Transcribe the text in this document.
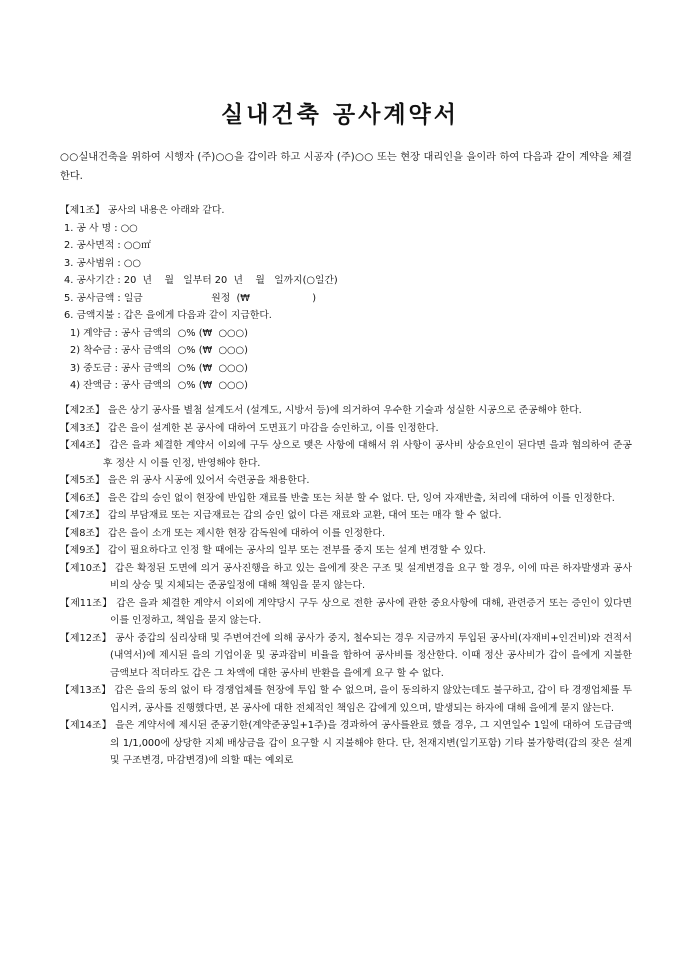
실내건축 공사계약서

○○실내건축을 위하여 시행자 (주)○○을 갑이라 하고 시공자 (주)○○ 또는 현장 대리인을 을이라 하여 다음과 같이 계약을 체결한다.

【제1조】 공사의 내용은 아래와 같다.
1. 공 사 명 : ○○
2. 공사면적 : ○○㎡
3. 공사범위 : ○○
4. 공사기간 : 20  년    월   일부터 20  년    월   일까지(○일간)
5. 공사금액 : 일금                      원정  (₩                    )
6. 금액지불 : 갑은 을에게 다음과 같이 지급한다.
1) 계약금 : 공사 금액의  ○% (₩  ○○○)
2) 착수금 : 공사 금액의  ○% (₩  ○○○)
3) 중도금 : 공사 금액의  ○% (₩  ○○○)
4) 잔액금 : 공사 금액의  ○% (₩  ○○○)
【제2조】 을은 상기 공사를 별첨 설계도서 (설계도, 시방서 등)에 의거하여 우수한 기술과 성실한 시공으로 준공해야 한다.
【제3조】 갑은 을이 설계한 본 공사에 대하여 도면표기 마감을 승인하고, 이를 인정한다.
【제4조】 갑은 을과 체결한 계약서 이외에 구두 상으로 맺은 사항에 대해서 위 사항이 공사비 상승요인이 된다면 을과 협의하여 준공 후 정산 시 이를 인정, 반영해야 한다.
【제5조】 을은 위 공사 시공에 있어서 숙련공을 채용한다.
【제6조】 을은 갑의 승인 없이 현장에 반입한 재료를 반출 또는 처분 할 수 없다. 단, 잉여 자재반출, 처리에 대하여 이를 인정한다.
【제7조】 갑의 부담재료 또는 지급재료는 갑의 승인 없이 다른 재료와 교환, 대여 또는 매각 할 수 없다.
【제8조】 갑은 을이 소개 또는 제시한 현장 감독원에 대하여 이를 인정한다.
【제9조】 갑이 필요하다고 인정 할 때에는 공사의 일부 또는 전부를 중지 또는 설계 변경할 수 있다.
【제10조】 갑은 확정된 도면에 의거 공사진행을 하고 있는 을에게 잦은 구조 및 설계변경을 요구 할 경우, 이에 따른 하자발생과 공사비의 상승 및 지체되는 준공일정에 대해 책임을 묻지 않는다.
【제11조】 갑은 을과 체결한 계약서 이외에 계약당시 구두 상으로 전한 공사에 관한 중요사항에 대해, 관련증거 또는 증인이 있다면 이를 인정하고, 책임을 묻지 않는다.
【제12조】 공사 중갑의 심리상태 및 주변여건에 의해 공사가 중지, 철수되는 경우 지금까지 투입된 공사비(자재비+인건비)와 견적서(내역서)에 제시된 을의 기업이윤 및 공과잡비 비율을 합하여 공사비를 정산한다. 이때 정산 공사비가 갑이 을에게 지불한 금액보다 적더라도 갑은 그 차액에 대한 공사비 반환을 을에게 요구 할 수 없다.
【제13조】 갑은 을의 동의 없이 타 경쟁업체를 현장에 투입 할 수 없으며, 을이 동의하지 않았는데도 불구하고, 갑이 타 경쟁업체를 투입시켜, 공사를 진행했다면, 본 공사에 대한 전체적인 책임은 갑에게 있으며, 발생되는 하자에 대해 을에게 묻지 않는다.
【제14조】 을은 계약서에 제시된 준공기한(계약준공일+1주)을 경과하여 공사를완료 했을 경우, 그 지연일수 1일에 대하여 도급금액의 1/1,000에 상당한 지체 배상금을 갑이 요구할 시 지불해야 한다. 단, 천재지변(일기포함) 기타 불가항력(갑의 잦은 설계 및 구조변경, 마감변경)에 의할 때는 예외로
